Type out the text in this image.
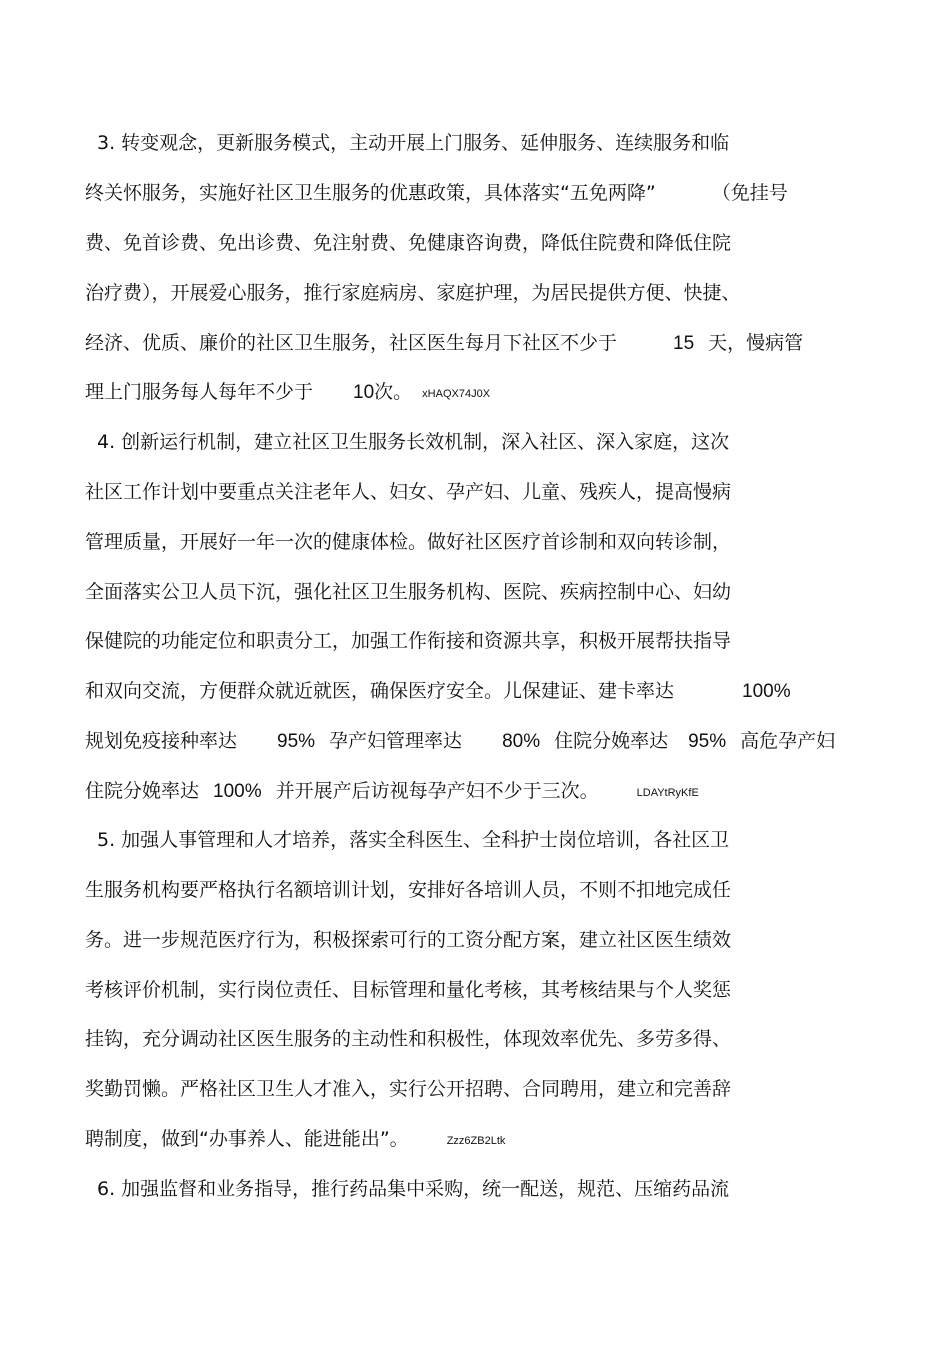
3. 转变观念，更新服务模式，主动开展上门服务、延伸服务、连续服务和临
终关怀服务，实施好社区卫生服务的优惠政策，具体落实“五免两降”	（免挂号
费、免首诊费、免出诊费、免注射费、免健康咨询费，降低住院费和降低住院
治疗费），开展爱心服务，推行家庭病房、家庭护理，为居民提供方便、快捷、
经济、优质、廉价的社区卫生服务，社区医生每月下社区不少于	15 天，慢病管
理上门服务每人每年不少于 10次。 xHAQX74J0X
4. 创新运行机制，建立社区卫生服务长效机制，深入社区、深入家庭，这次
社区工作计划中要重点关注老年人、妇女、孕产妇、儿童、残疾人，提高慢病
管理质量，开展好一年一次的健康体检。做好社区医疗首诊制和双向转诊制，
全面落实公卫人员下沉，强化社区卫生服务机构、医院、疾病控制中心、妇幼
保健院的功能定位和职责分工，加强工作衔接和资源共享，积极开展帮扶指导
和双向交流，方便群众就近就医，确保医疗安全。儿保建证、建卡率达	100%
规划免疫接种率达 95% 孕产妇管理率达 80% 住院分娩率达 95% 高危孕产妇
住院分娩率达 100% 并开展产后访视每孕产妇不少于三次。	LDAYtRyKfE
5. 加强人事管理和人才培养，落实全科医生、全科护士岗位培训，各社区卫
生服务机构要严格执行名额培训计划，安排好各培训人员，不则不扣地完成任
务。进一步规范医疗行为，积极探索可行的工资分配方案，建立社区医生绩效
考核评价机制，实行岗位责任、目标管理和量化考核，其考核结果与个人奖惩
挂钩，充分调动社区医生服务的主动性和积极性，体现效率优先、多劳多得、
奖勤罚懒。严格社区卫生人才准入，实行公开招聘、合同聘用，建立和完善辞
聘制度，做到“办事养人、能进能出”。	Zzz6ZB2Ltk
6. 加强监督和业务指导，推行药品集中采购，统一配送，规范、压缩药品流
